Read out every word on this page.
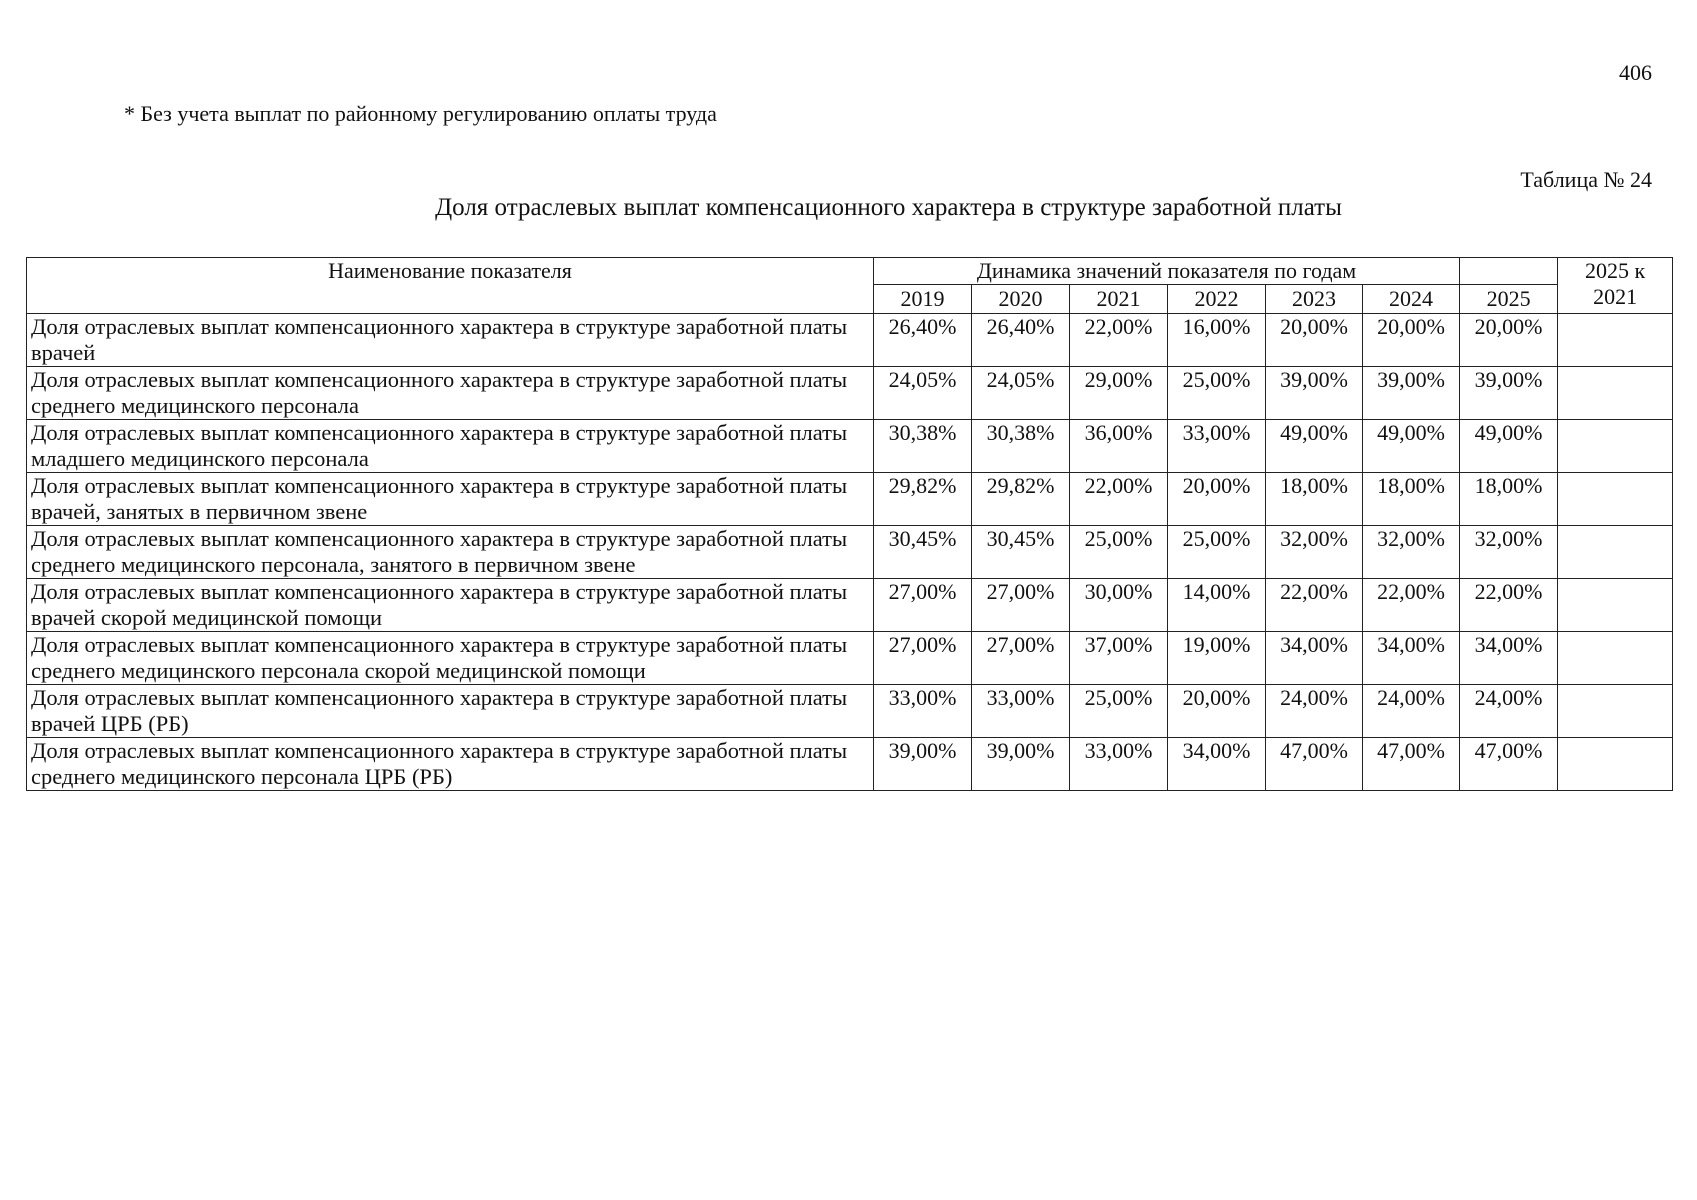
406
* Без учета выплат по районному регулированию оплаты труда
Таблица № 24
Доля отраслевых выплат компенсационного характера в структуре заработной платы
Наименование показателя	Динамика значений показателя по годам							2025 к
2021
	2019	2020	2021	2022	2023	2024	2025	
Доля отраслевых выплат компенсационного характера в структуре заработной платы врачей	26,40%	26,40%	22,00%	16,00%	20,00%	20,00%	20,00%	
Доля отраслевых выплат компенсационного характера в структуре заработной платы среднего медицинского персонала	24,05%	24,05%	29,00%	25,00%	39,00%	39,00%	39,00%	
Доля отраслевых выплат компенсационного характера в структуре заработной платы младшего медицинского персонала	30,38%	30,38%	36,00%	33,00%	49,00%	49,00%	49,00%	
Доля отраслевых выплат компенсационного характера в структуре заработной платы врачей, занятых в первичном звене	29,82%	29,82%	22,00%	20,00%	18,00%	18,00%	18,00%	
Доля отраслевых выплат компенсационного характера в структуре заработной платы среднего медицинского персонала, занятого в первичном звене	30,45%	30,45%	25,00%	25,00%	32,00%	32,00%	32,00%	
Доля отраслевых выплат компенсационного характера в структуре заработной платы врачей скорой медицинской помощи	27,00%	27,00%	30,00%	14,00%	22,00%	22,00%	22,00%	
Доля отраслевых выплат компенсационного характера в структуре заработной платы среднего медицинского персонала скорой медицинской помощи	27,00%	27,00%	37,00%	19,00%	34,00%	34,00%	34,00%	
Доля отраслевых выплат компенсационного характера в структуре заработной платы врачей ЦРБ (РБ)	33,00%	33,00%	25,00%	20,00%	24,00%	24,00%	24,00%	
Доля отраслевых выплат компенсационного характера в структуре заработной платы среднего медицинского персонала ЦРБ (РБ)	39,00%	39,00%	33,00%	34,00%	47,00%	47,00%	47,00%	
